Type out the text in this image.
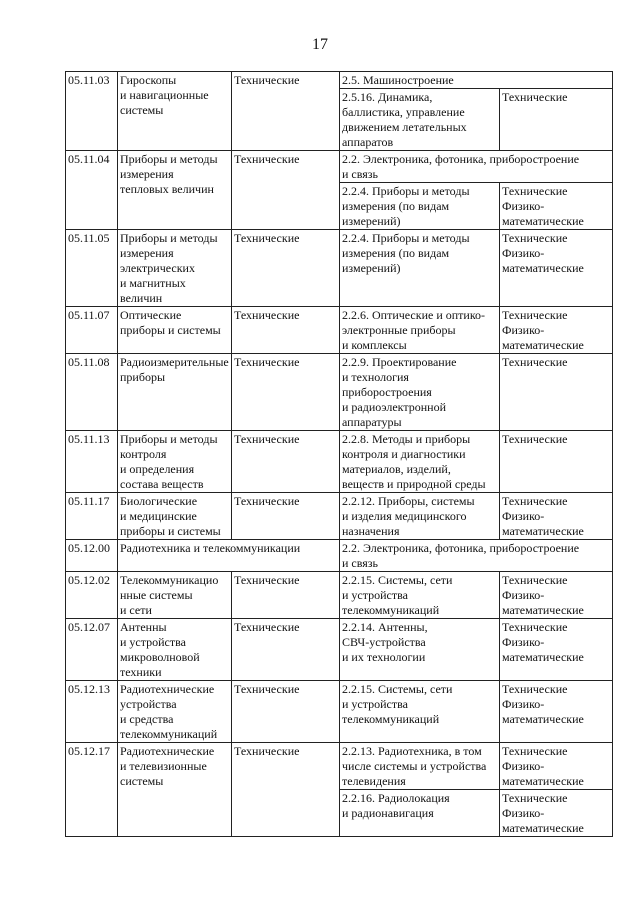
17
05.11.03	Гироскопы
и навигационные
системы	Технические	2.5. Машиностроение	
			2.5.16. Динамика,
баллистика, управление
движением летательных
аппаратов	Технические
05.11.04	Приборы и методы
измерения
тепловых величин	Технические	2.2. Электроника, фотоника, приборостроение
и связь	
			2.2.4. Приборы и методы
измерения (по видам
измерений)	Технические
Физико-
математические
05.11.05	Приборы и методы
измерения
электрических
и магнитных
величин	Технические	2.2.4. Приборы и методы
измерения (по видам
измерений)	Технические
Физико-
математические
05.11.07	Оптические
приборы и системы	Технические	2.2.6. Оптические и оптико-
электронные приборы
и комплексы	Технические
Физико-
математические
05.11.08	Радиоизмерительные
приборы	Технические	2.2.9. Проектирование
и технология
приборостроения
и радиоэлектронной
аппаратуры	Технические
05.11.13	Приборы и методы
контроля
и определения
состава веществ	Технические	2.2.8. Методы и приборы
контроля и диагностики
материалов, изделий,
веществ и природной среды	Технические
05.11.17	Биологические
и медицинские
приборы и системы	Технические	2.2.12. Приборы, системы
и изделия медицинского
назначения	Технические
Физико-
математические
05.12.00	Радиотехника и телекоммуникации		2.2. Электроника, фотоника, приборостроение
и связь	
05.12.02	Телекоммуникацио
нные системы
и сети	Технические	2.2.15. Системы, сети
и устройства
телекоммуникаций	Технические
Физико-
математические
05.12.07	Антенны
и устройства
микроволновой
техники	Технические	2.2.14. Антенны,
СВЧ-устройства
и их технологии	Технические
Физико-
математические
05.12.13	Радиотехнические
устройства
и средства
телекоммуникаций	Технические	2.2.15. Системы, сети
и устройства
телекоммуникаций	Технические
Физико-
математические
05.12.17	Радиотехнические
и телевизионные
системы	Технические	2.2.13. Радиотехника, в том
числе системы и устройства
телевидения	Технические
Физико-
математические
			2.2.16. Радиолокация
и радионавигация	Технические
Физико-
математические
